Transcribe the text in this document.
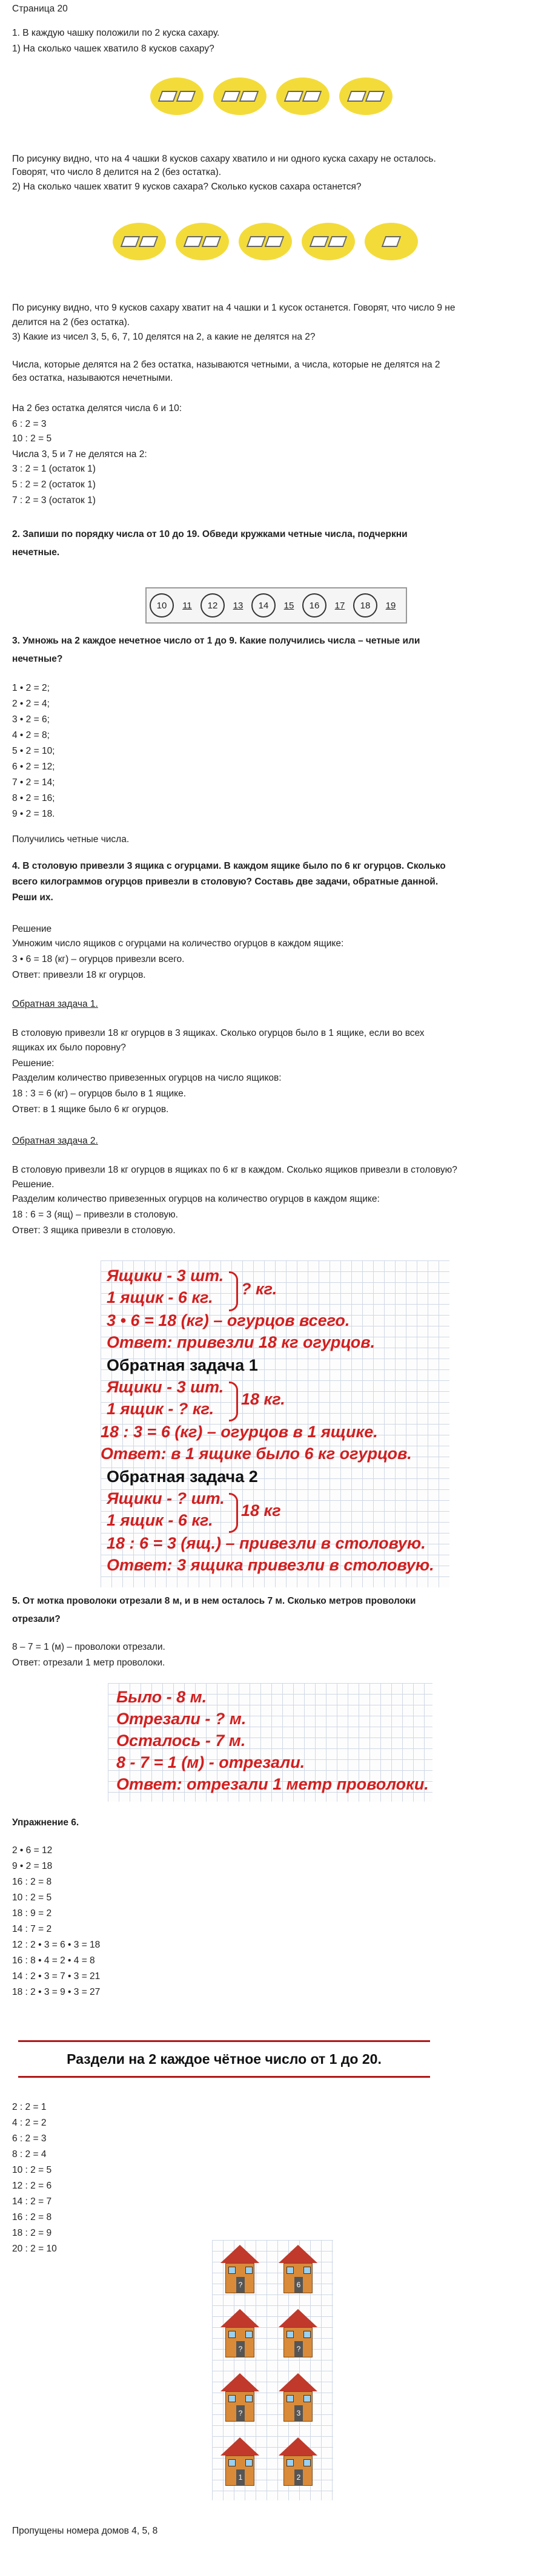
Страница 20
1. В каждую чашку положили по 2 куска сахару.
1) На сколько чашек хватило 8 кусков сахару?
По рисунку видно, что на 4 чашки 8 кусков сахару хватило и ни одного куска сахару не осталось.
Говорят, что число 8 делится на 2 (без остатка).
2) На сколько чашек хватит 9 кусков сахара? Сколько кусков сахара останется?
По рисунку видно, что 9 кусков сахару хватит на 4 чашки и 1 кусок останется. Говорят, что число 9 не
делится на 2 (без остатка).
3) Какие из чисел 3, 5, 6, 7, 10 делятся на 2, а какие не делятся на 2?
Числа, которые делятся на 2 без остатка, называются четными, а числа, которые не делятся на 2
без остатка, называются нечетными.
На 2 без остатка делятся числа 6 и 10:
6 : 2 = 3
10 : 2 = 5
Числа 3, 5 и 7 не делятся на 2:
3 : 2 = 1 (остаток 1)
5 : 2 = 2 (остаток 1)
7 : 2 = 3 (остаток 1)
2. Запиши по порядку числа от 10 до 19. Обведи кружками четные числа, подчеркни
нечетные.
10	11	12	13	14	15	16	17	18	19
3. Умножь на 2 каждое нечетное число от 1 до 9. Какие получились числа – четные или
нечетные?
1 • 2 = 2;
2 • 2 = 4;
3 • 2 = 6;
4 • 2 = 8;
5 • 2 = 10;
6 • 2 = 12;
7 • 2 = 14;
8 • 2 = 16;
9 • 2 = 18.
Получились четные числа.
4. В столовую привезли 3 ящика с огурцами. В каждом ящике было по 6 кг огурцов. Сколько
всего килограммов огурцов привезли в столовую? Составь две задачи, обратные данной.
Реши их.
Решение
Умножим число ящиков с огурцами на количество огурцов в каждом ящике:
3 • 6 = 18 (кг) – огурцов привезли всего.
Ответ: привезли 18 кг огурцов.
Обратная задача 1.
В столовую привезли 18 кг огурцов в 3 ящиках. Сколько огурцов было в 1 ящике, если во всех
ящиках их было поровну?
Решение:
Разделим количество привезенных огурцов на число ящиков:
18 : 3 = 6 (кг) – огурцов было в 1 ящике.
Ответ: в 1 ящике было 6 кг огурцов.
Обратная задача 2.
В столовую привезли 18 кг огурцов в ящиках по 6 кг в каждом. Сколько ящиков привезли в столовую?
Решение.
Разделим количество привезенных огурцов на количество огурцов в каждом ящике:
18 : 6 = 3 (ящ) – привезли в столовую.
Ответ: 3 ящика привезли в столовую.
Ящики - 3 шт.
1 ящик - 6 кг. ? кг.
3 • 6 = 18 (кг) – огурцов всего.
Ответ: привезли 18 кг огурцов.
Обратная задача 1
Ящики - 3 шт.
1 ящик - ? кг.
18 кг.
18 : 3 = 6 (кг) – огурцов в 1 ящике.
Ответ: в 1 ящике было 6 кг огурцов.
Обратная задача 2
Ящики - ? шт.
1 ящик - 6 кг.
18 кг
18 : 6 = 3 (ящ.) – привезли в столовую.
Ответ: 3 ящика привезли в столовую.
5. От мотка проволоки отрезали 8 м, и в нем осталось 7 м. Сколько метров проволоки
отрезали?
8 – 7 = 1 (м) – проволоки отрезали.
Ответ: отрезали 1 метр проволоки.
Было - 8 м.
Отрезали - ? м.
Осталось - 7 м.
8 - 7 = 1 (м) - отрезали.
Ответ: отрезали 1 метр проволоки.
Упражнение 6.
2 • 6 = 12
9 • 2 = 18
16 : 2 = 8
10 : 2 = 5
18 : 9 = 2
14 : 7 = 2
12 : 2 • 3 = 6 • 3 = 18
16 : 8 • 4 = 2 • 4 = 8
14 : 2 • 3 = 7 • 3 = 21
18 : 2 • 3 = 9 • 3 = 27
Раздели на 2 каждое чётное число от 1 до 20.
2 : 2 = 1
4 : 2 = 2
6 : 2 = 3
8 : 2 = 4
10 : 2 = 5
12 : 2 = 6
14 : 2 = 7
16 : 2 = 8
18 : 2 = 9
20 : 2 = 10
?	6
?	?
?	3
1	2
Пропущены номера домов 4, 5, 8
